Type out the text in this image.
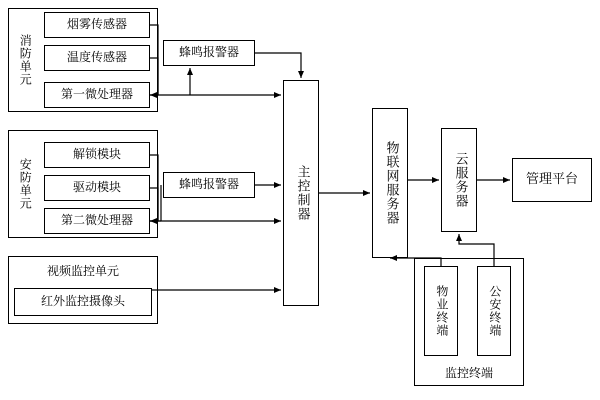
消防单元
安防单元
监控终端
烟雾传感器
温度传感器
第一微处理器
蜂鸣报警器
解锁模块
驱动模块
第二微处理器
蜂鸣报警器
视频监控单元
红外监控摄像头
主控制器	物联网服务器	云服务器	管理平台
物业终端	公安终端
